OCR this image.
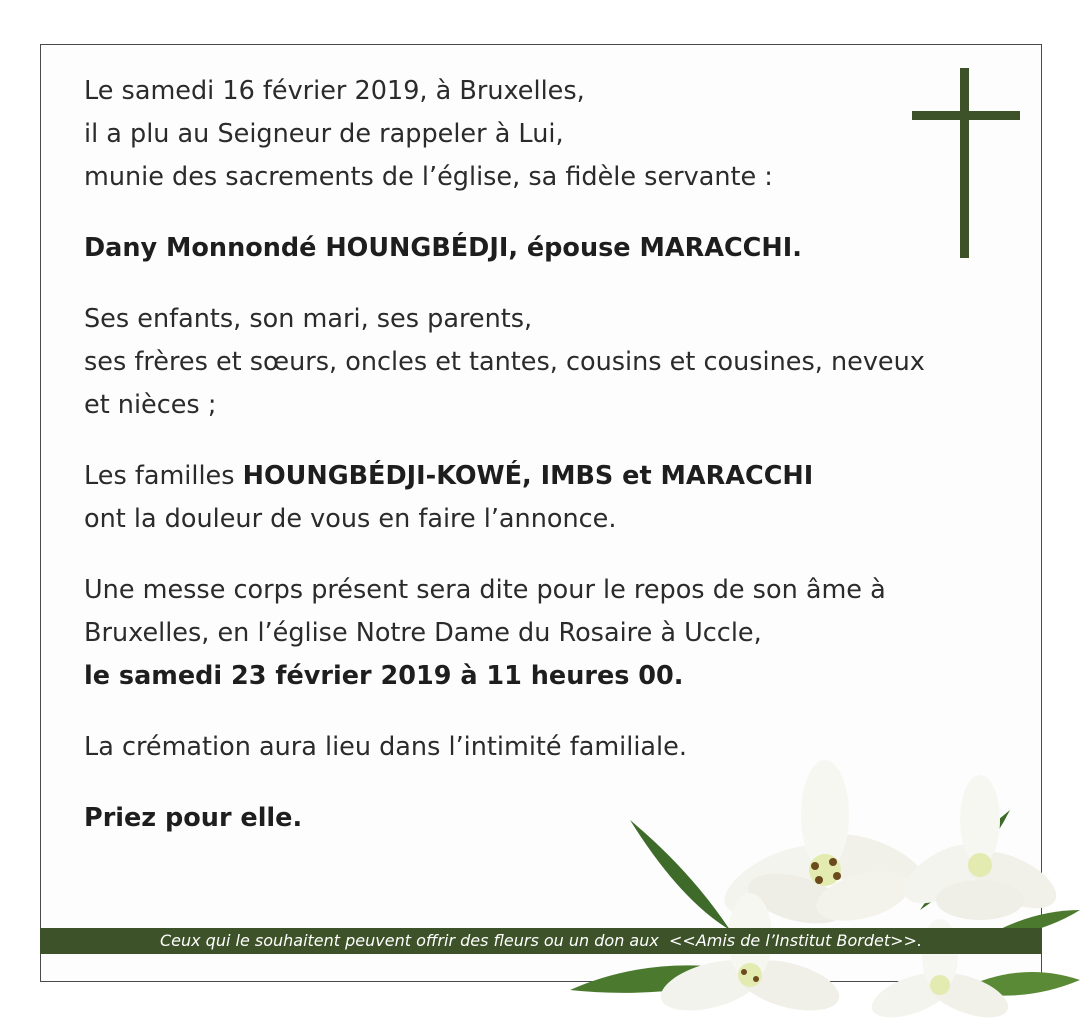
Le samedi 16 février 2019, à Bruxelles,

il a plu au Seigneur de rappeler à Lui,

munie des sacrements de l’église, sa fidèle servante :

Dany Monnondé HOUNGBÉDJI, épouse MARACCHI.

Ses enfants, son mari, ses parents,

ses frères et sœurs, oncles et tantes, cousins et cousines, neveux

et nièces ;

Les familles HOUNGBÉDJI-KOWÉ, IMBS et MARACCHI

ont la douleur de vous en faire l’annonce.

Une messe corps présent sera dite pour le repos de son âme à

Bruxelles, en l’église Notre Dame du Rosaire à Uccle,

le samedi 23 février 2019 à 11 heures 00.

La crémation aura lieu dans l’intimité familiale.

Priez pour elle.

Ceux qui le souhaitent peuvent offrir des fleurs ou un don aux  <<Amis de l’Institut Bordet>>.
